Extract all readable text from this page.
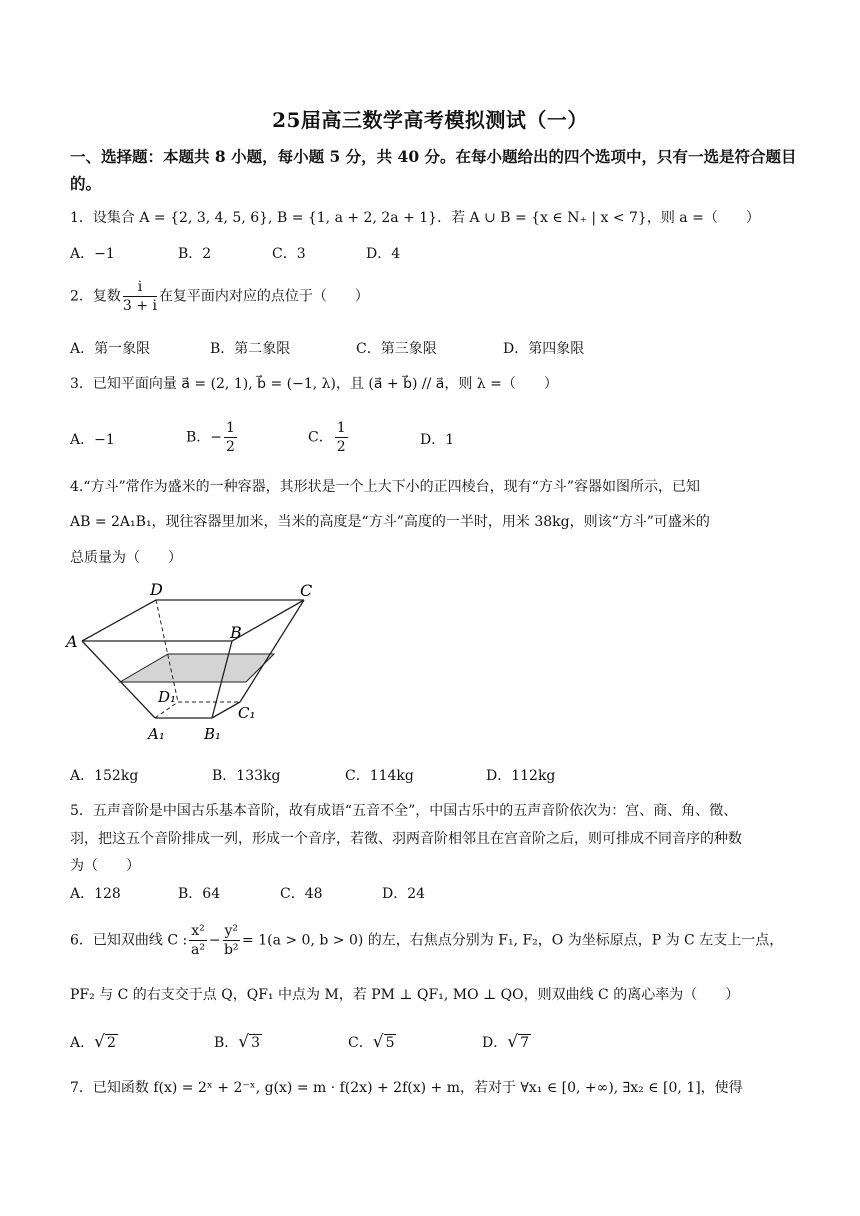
25届高三数学高考模拟测试（一）
一、选择题：本题共 8 小题，每小题 5 分，共 40 分。在每小题给出的四个选项中，只有一选是符合题目的。
1．设集合 A = {2, 3, 4, 5, 6}, B = {1, a + 2, 2a + 1}．若 A ∪ B = {x ∈ N₊ | x < 7}，则 a =（　　）
A．−1	B．2	C．3	D．4
2．复数 $\frac{i}{3 + i}$ 在复平面内对应的点位于（　　）
A．第一象限	B．第二象限	C．第三象限	D．第四象限
3．已知平面向量 a⃗ = (2, 1), b⃗ = (−1, λ)，且 (a⃗ + b⃗) // a⃗，则 λ =（　　）
A．−1	B．− $\frac{1}{2}$	C． $\frac{1}{2}$	D．1
4.“方斗”常作为盛米的一种容器，其形状是一个上大下小的正四棱台，现有“方斗”容器如图所示，已知
AB = 2A₁B₁，现往容器里加米，当米的高度是“方斗”高度的一半时，用米 38kg，则该“方斗”可盛米的
总质量为（　　）
A
D	C
B
D₁
C₁
A₁	B₁
A．152kg	B．133kg	C．114kg	D．112kg
5．五声音阶是中国古乐基本音阶，故有成语“五音不全”，中国古乐中的五声音阶依次为：宫、商、角、徵、
羽，把这五个音阶排成一列，形成一个音序，若徵、羽两音阶相邻且在宫音阶之后，则可排成不同音序的种数
为（　　）
A．128	B．64	C．48	D．24
6．已知双曲线 C : $\frac{\text{x²}}{\text{a²}} - \frac{\text{y²}}{\text{b²}} = 1(a > 0$, b > 0) 的左，右焦点分别为 F₁, F₂，O 为坐标原点，P 为 C 左支上一点，
PF₂ 与 C 的右支交于点 Q，QF₁ 中点为 M，若 PM ⊥ QF₁, MO ⊥ QO，则双曲线 C 的离心率为（　　）
A．√ 2	B．√ 3	C．√ 5	D．√ 7
7．已知函数 f(x) = 2ˣ + 2⁻ˣ, g(x) = m · f(2x) + 2f(x) + m，若对于 ∀x₁ ∈ [0, +∞), ∃x₂ ∈ [0, 1]，使得
